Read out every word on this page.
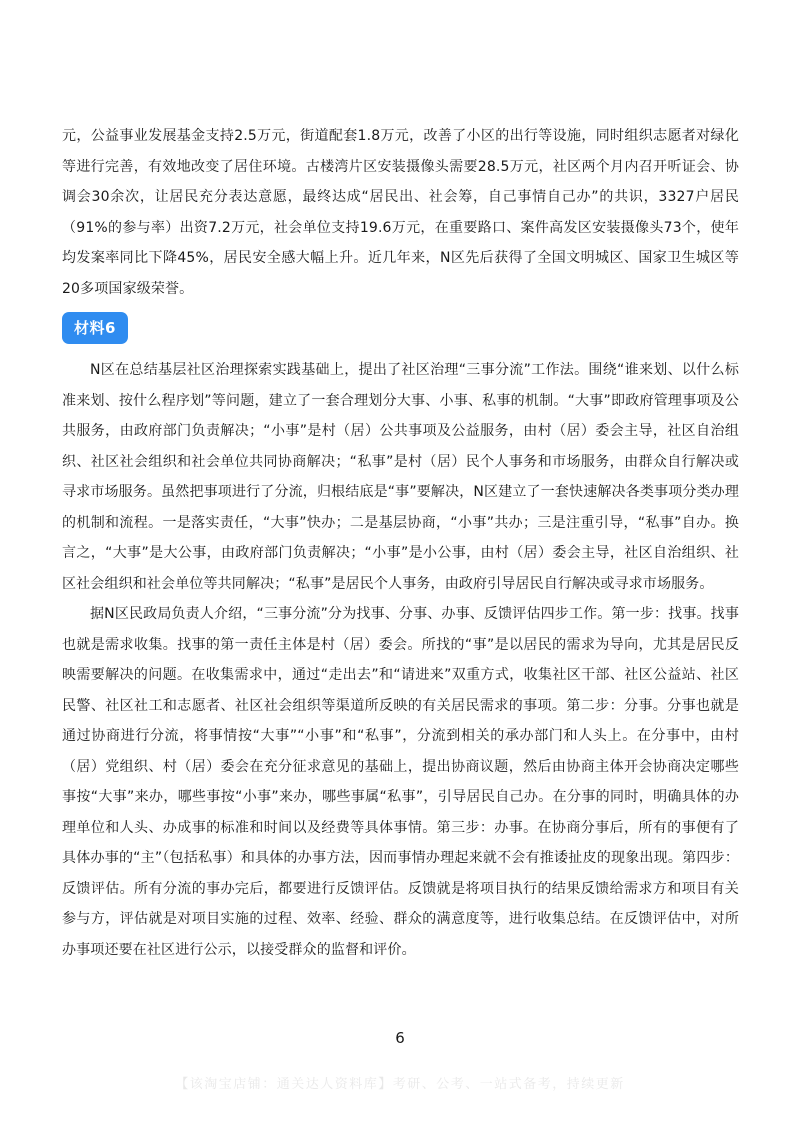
元，公益事业发展基金支持2.5万元，街道配套1.8万元，改善了小区的出行等设施，同时组织志愿者对绿化等进行完善，有效地改变了居住环境。古楼湾片区安装摄像头需要28.5万元，社区两个月内召开听证会、协调会30余次，让居民充分表达意愿，最终达成“居民出、社会筹，自己事情自己办”的共识，3327户居民（91%的参与率）出资7.2万元，社会单位支持19.6万元，在重要路口、案件高发区安装摄像头73个，使年均发案率同比下降45%，居民安全感大幅上升。近几年来，N区先后获得了全国文明城区、国家卫生城区等20多项国家级荣誉。

材料6

N区在总结基层社区治理探索实践基础上，提出了社区治理“三事分流”工作法。围绕“谁来划、以什么标准来划、按什么程序划”等问题，建立了一套合理划分大事、小事、私事的机制。“大事”即政府管理事项及公共服务，由政府部门负责解决；“小事”是村（居）公共事项及公益服务，由村（居）委会主导，社区自治组织、社区社会组织和社会单位共同协商解决；“私事”是村（居）民个人事务和市场服务，由群众自行解决或寻求市场服务。虽然把事项进行了分流，归根结底是“事”要解决，N区建立了一套快速解决各类事项分类办理的机制和流程。一是落实责任，“大事”快办；二是基层协商，“小事”共办；三是注重引导，“私事”自办。换言之，“大事”是大公事，由政府部门负责解决；“小事”是小公事，由村（居）委会主导，社区自治组织、社区社会组织和社会单位等共同解决；“私事”是居民个人事务，由政府引导居民自行解决或寻求市场服务。

据N区民政局负责人介绍，“三事分流”分为找事、分事、办事、反馈评估四步工作。第一步：找事。找事也就是需求收集。找事的第一责任主体是村（居）委会。所找的“事”是以居民的需求为导向，尤其是居民反映需要解决的问题。在收集需求中，通过“走出去”和“请进来”双重方式，收集社区干部、社区公益站、社区民警、社区社工和志愿者、社区社会组织等渠道所反映的有关居民需求的事项。第二步：分事。分事也就是通过协商进行分流，将事情按“大事”“小事”和“私事”，分流到相关的承办部门和人头上。在分事中，由村（居）党组织、村（居）委会在充分征求意见的基础上，提出协商议题，然后由协商主体开会协商决定哪些事按“大事”来办，哪些事按“小事”来办，哪些事属“私事”，引导居民自己办。在分事的同时，明确具体的办理单位和人头、办成事的标准和时间以及经费等具体事情。第三步：办事。在协商分事后，所有的事便有了具体办事的“主”（包括私事）和具体的办事方法，因而事情办理起来就不会有推诿扯皮的现象出现。第四步：反馈评估。所有分流的事办完后，都要进行反馈评估。反馈就是将项目执行的结果反馈给需求方和项目有关参与方，评估就是对项目实施的过程、效率、经验、群众的满意度等，进行收集总结。在反馈评估中，对所办事项还要在社区进行公示，以接受群众的监督和评价。

6
【该淘宝店铺：通关达人资料库】考研、公考、一站式备考，持续更新
